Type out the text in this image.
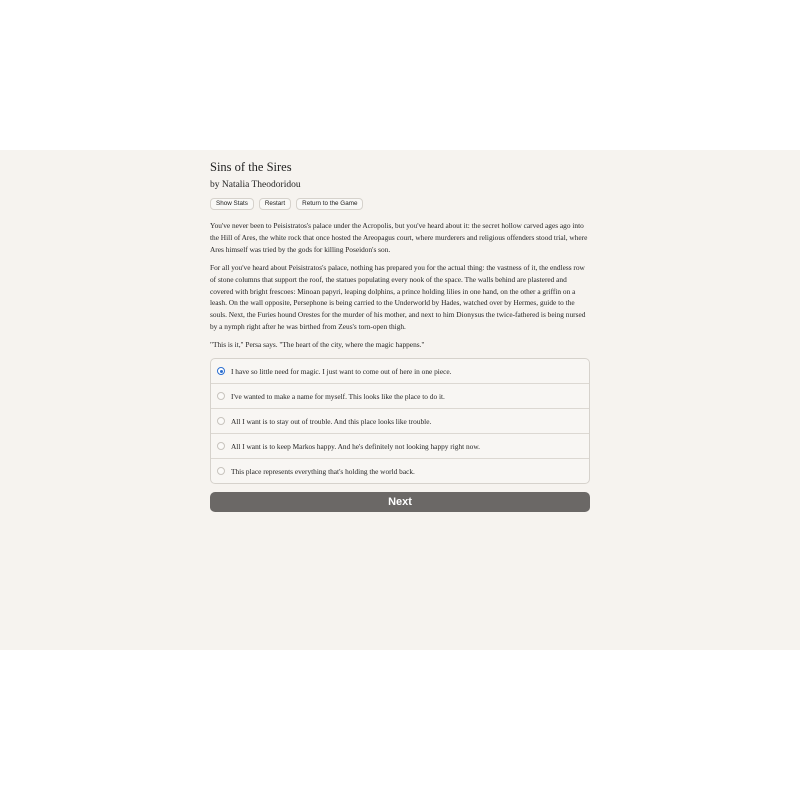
Sins of the Sires
by Natalia Theodoridou
Show Stats	Restart	Return to the Game

You've never been to Peisistratos's palace under the Acropolis, but you've heard about it: the secret hollow carved ages ago into the Hill of Ares, the white rock that once hosted the Areopagus court, where murderers and religious offenders stood trial, where Ares himself was tried by the gods for killing Poseidon's son.

For all you've heard about Peisistratos's palace, nothing has prepared you for the actual thing: the vastness of it, the endless row of stone columns that support the roof, the statues populating every nook of the space. The walls behind are plastered and covered with bright frescoes: Minoan papyri, leaping dolphins, a prince holding lilies in one hand, on the other a griffin on a leash. On the wall opposite, Persephone is being carried to the Underworld by Hades, watched over by Hermes, guide to the souls. Next, the Furies hound Orestes for the murder of his mother, and next to him Dionysus the twice-fathered is being nursed by a nymph right after he was birthed from Zeus's torn-open thigh.

"This is it," Persa says. "The heart of the city, where the magic happens."

I have so little need for magic. I just want to come out of here in one piece.
I've wanted to make a name for myself. This looks like the place to do it.
All I want is to stay out of trouble. And this place looks like trouble.
All I want is to keep Markos happy. And he's definitely not looking happy right now.
This place represents everything that's holding the world back.
Next
